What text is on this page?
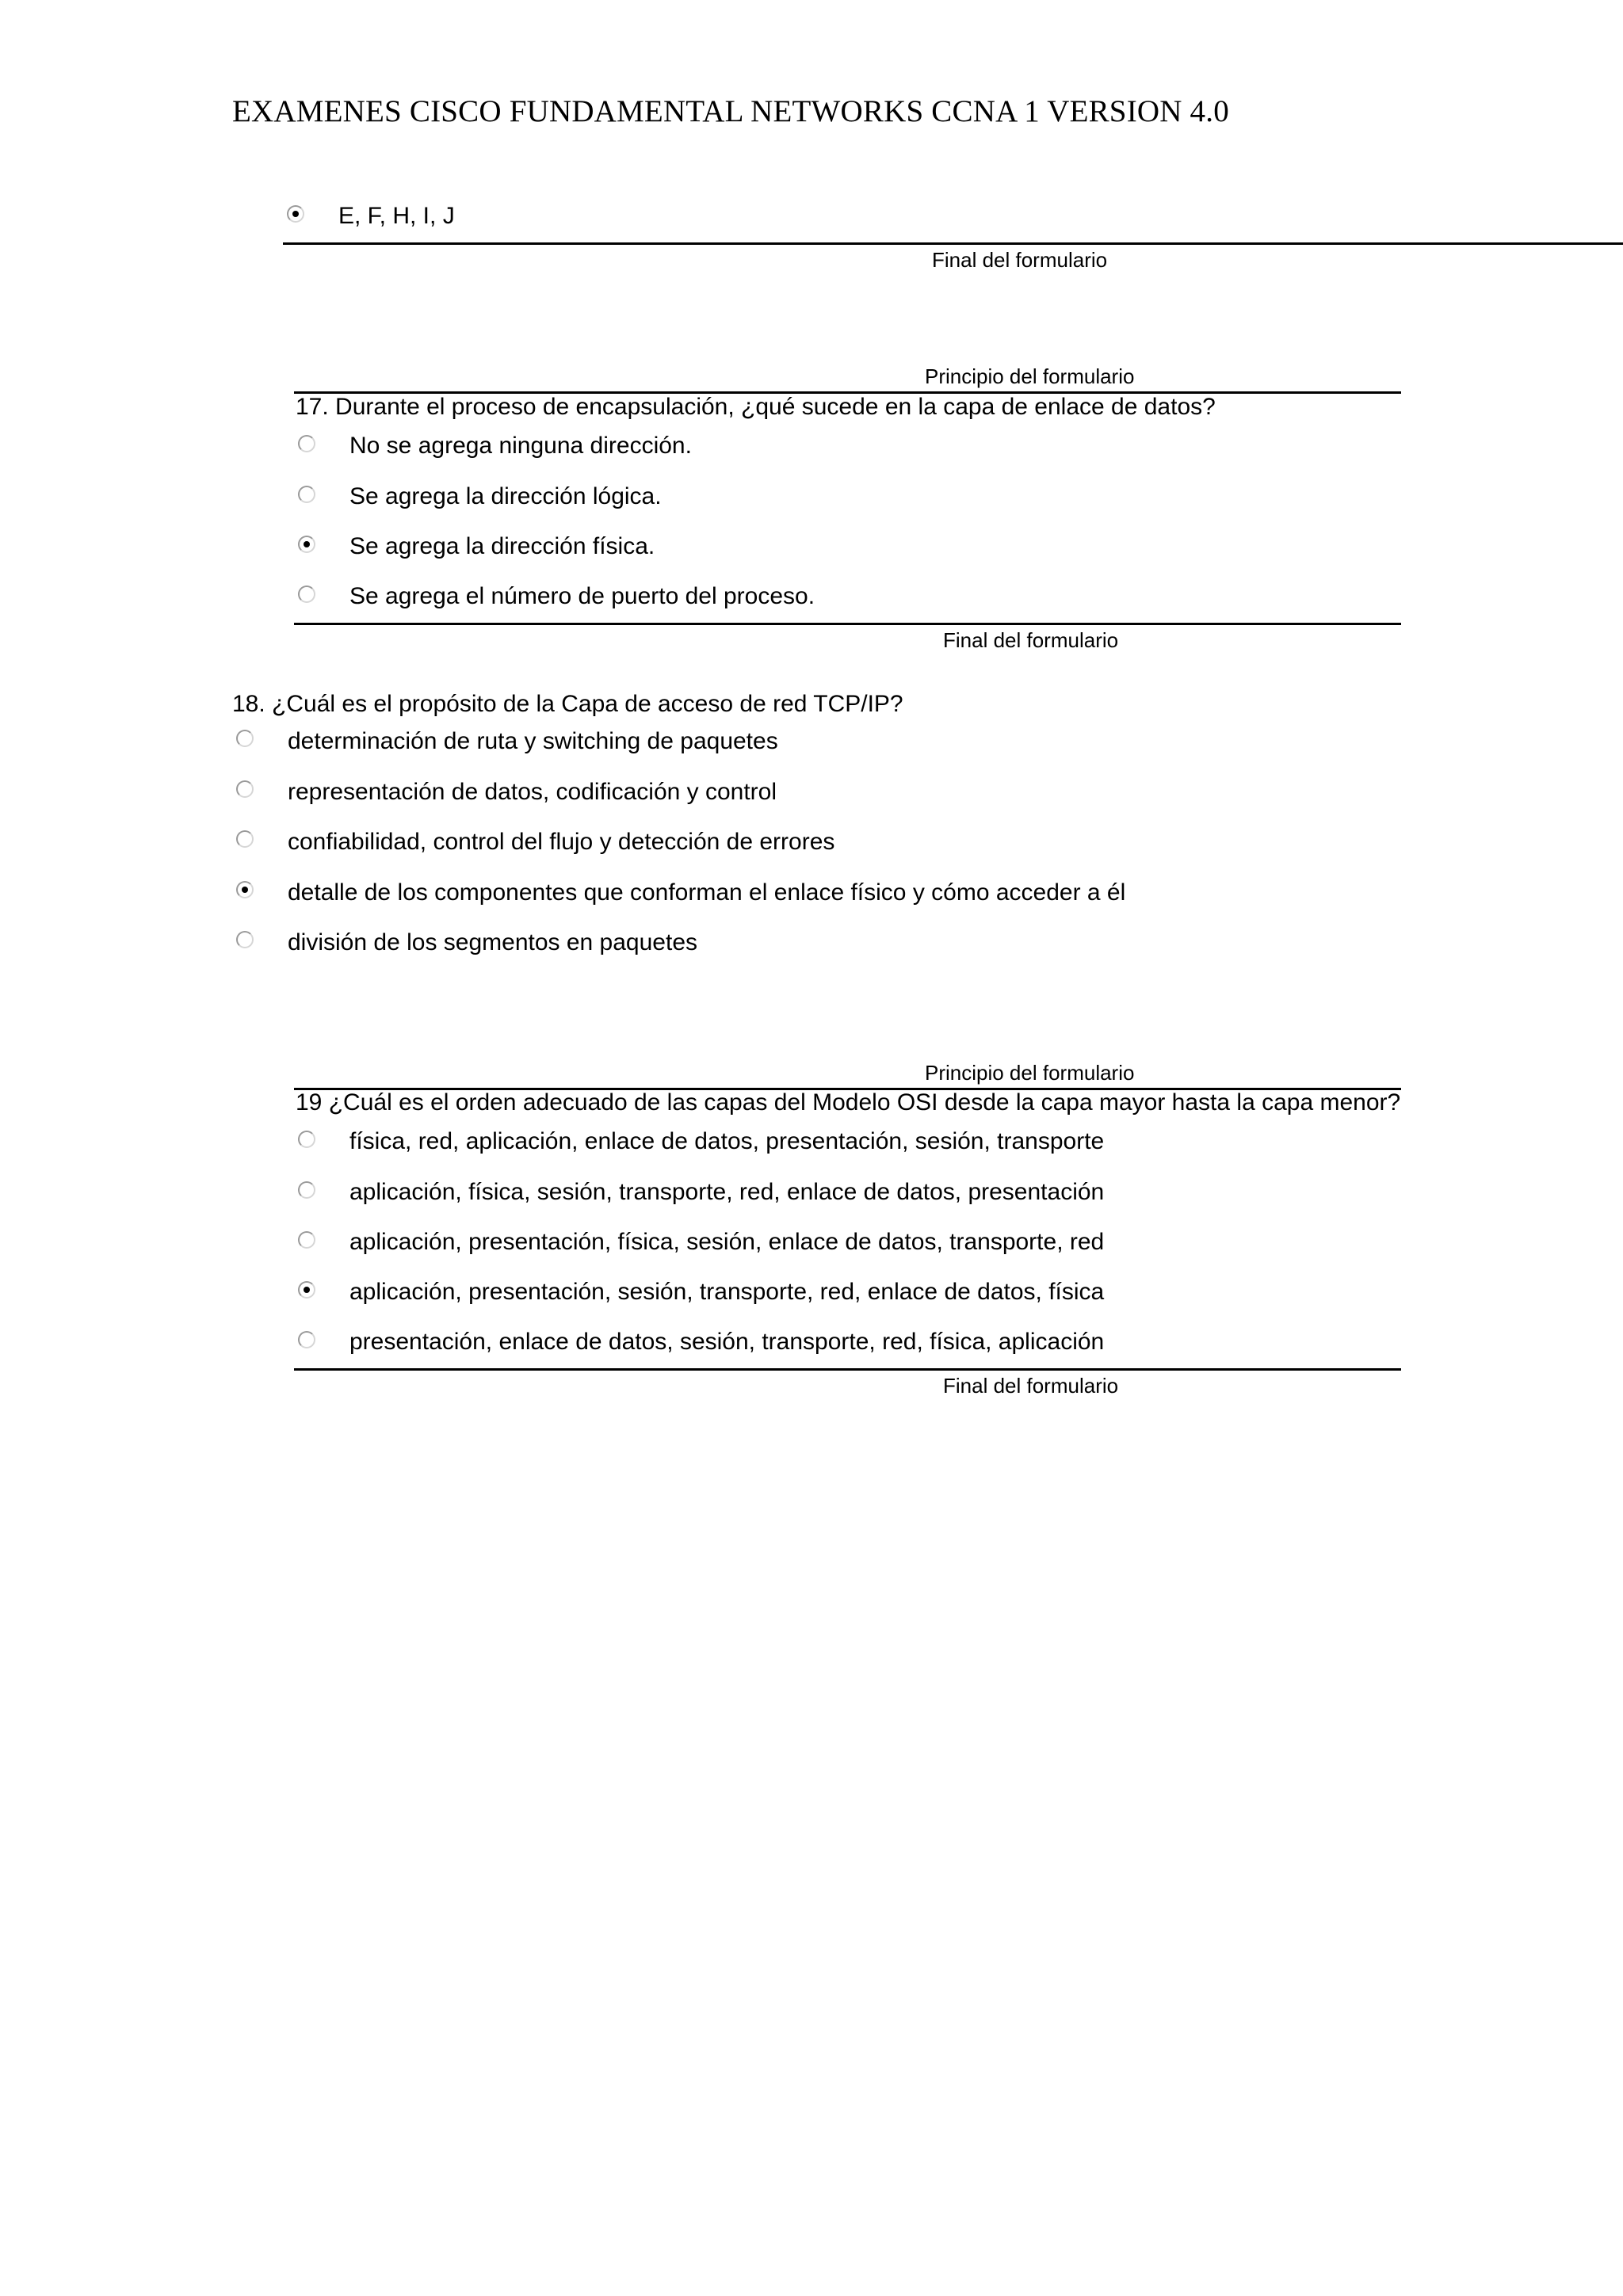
EXAMENES CISCO FUNDAMENTAL NETWORKS CCNA 1 VERSION 4.0
E, F, H, I, J
Final del formulario
Principio del formulario
17. Durante el proceso de encapsulación, ¿qué sucede en la capa de enlace de datos?
No se agrega ninguna dirección.
Se agrega la dirección lógica.
Se agrega la dirección física.
Se agrega el número de puerto del proceso.
Final del formulario
18. ¿Cuál es el propósito de la Capa de acceso de red TCP/IP?
determinación de ruta y switching de paquetes
representación de datos, codificación y control
confiabilidad, control del flujo y detección de errores
detalle de los componentes que conforman el enlace físico y cómo acceder a él
división de los segmentos en paquetes
Principio del formulario
19 ¿Cuál es el orden adecuado de las capas del Modelo OSI desde la capa mayor hasta la capa menor?
física, red, aplicación, enlace de datos, presentación, sesión, transporte
aplicación, física, sesión, transporte, red, enlace de datos, presentación
aplicación, presentación, física, sesión, enlace de datos, transporte, red
aplicación, presentación, sesión, transporte, red, enlace de datos, física
presentación, enlace de datos, sesión, transporte, red, física, aplicación
Final del formulario
